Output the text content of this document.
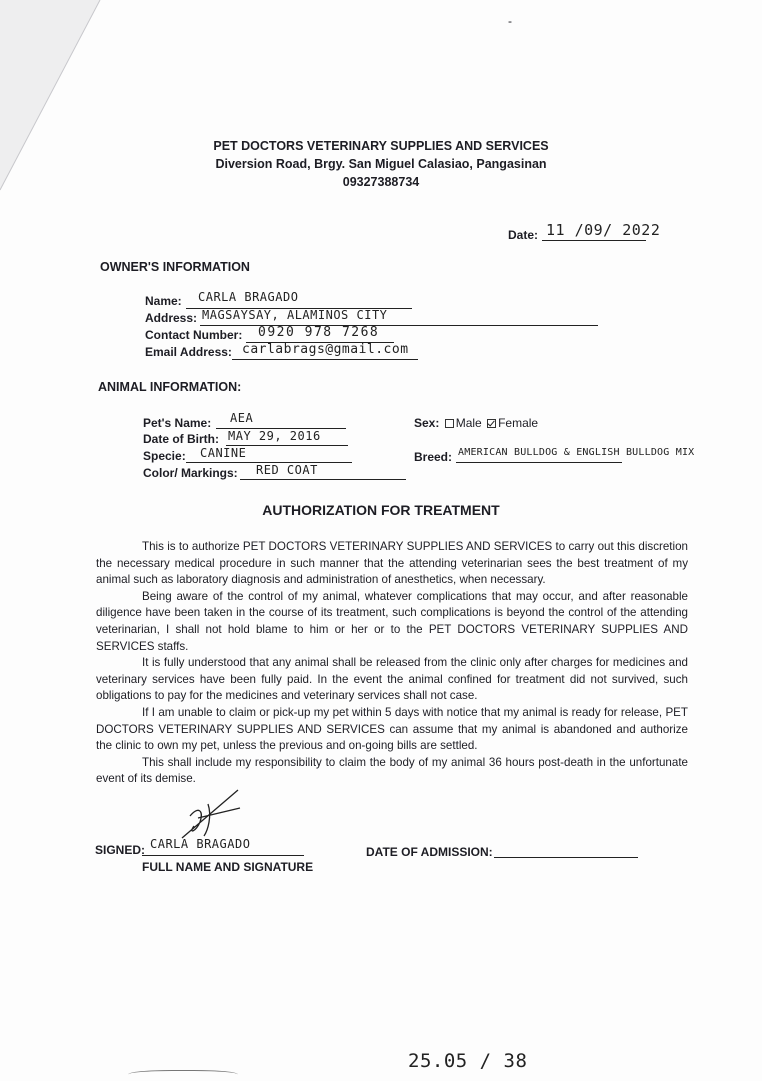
-
PET DOCTORS VETERINARY SUPPLIES AND SERVICES
Diversion Road, Brgy. San Miguel Calasiao, Pangasinan
09327388734
Date: 11 /09/ 2022
OWNER'S INFORMATION
Name: CARLA BRAGADO
Address: MAGSAYSAY, ALAMINOS CITY
Contact Number: 0920 978 7268
Email Address: carlabrags@gmail.com
ANIMAL INFORMATION:
Pet's Name: AEA
Date of Birth: MAY 29, 2016
Specie: CANINE
Color/ Markings: RED COAT
Sex: Male Female
Breed: AMERICAN BULLDOG & ENGLISH BULLDOG MIX
AUTHORIZATION FOR TREATMENT

This is to authorize PET DOCTORS VETERINARY SUPPLIES AND SERVICES to carry out this discretion the necessary medical procedure in such manner that the attending veterinarian sees the best treatment of my animal such as laboratory diagnosis and administration of anesthetics, when necessary.

Being aware of the control of my animal, whatever complications that may occur, and after reasonable diligence have been taken in the course of its treatment, such complications is beyond the control of the attending veterinarian, I shall not hold blame to him or her or to the PET DOCTORS VETERINARY SUPPLIES AND SERVICES staffs.

It is fully understood that any animal shall be released from the clinic only after charges for medicines and veterinary services have been fully paid. In the event the animal confined for treatment did not survived, such obligations to pay for the medicines and veterinary services shall not case.

If I am unable to claim or pick-up my pet within 5 days with notice that my animal is ready for release, PET DOCTORS VETERINARY SUPPLIES AND SERVICES can assume that my animal is abandoned and authorize the clinic to own my pet, unless the previous and on-going bills are settled.

This shall include my responsibility to claim the body of my animal 36 hours post-death in the unfortunate event of its demise.

SIGNED: CARLA BRAGADO
FULL NAME AND SIGNATURE
DATE OF ADMISSION:
25.05 / 38
